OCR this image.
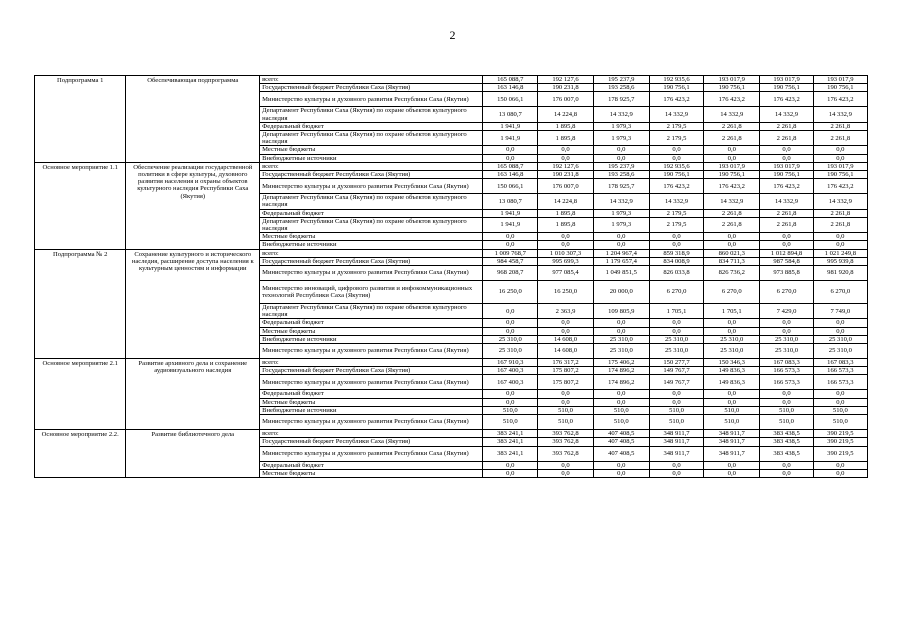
2
Подпрограмма 1	Обеспечивающая подпрограмма	всего:	165 088,7	192 127,6	195 237,9	192 935,6	193 017,9	193 017,9	193 017,9
		Государственный бюджет Республики Саха (Якутия)	163 146,8	190 231,8	193 258,6	190 756,1	190 756,1	190 756,1	190 756,1
		Министерство культуры и духовного развития Республики Саха (Якутия)	150 066,1	176 007,0	178 925,7	176 423,2	176 423,2	176 423,2	176 423,2
		Департамент Республики Саха (Якутия) по охране объектов культурного наследия	13 080,7	14 224,8	14 332,9	14 332,9	14 332,9	14 332,9	14 332,9
		Федеральный бюджет	1 941,9	1 895,8	1 979,3	2 179,5	2 261,8	2 261,8	2 261,8
		Департамент Республики Саха (Якутия) по охране объектов культурного наследия	1 941,9	1 895,8	1 979,3	2 179,5	2 261,8	2 261,8	2 261,8
		Местные бюджеты	0,0	0,0	0,0	0,0	0,0	0,0	0,0
		Внебюджетные источники	0,0	0,0	0,0	0,0	0,0	0,0	0,0
Основное мероприятие 1.1	Обеспечение реализации государственной политики в сфере культуры, духовного развития населения и охраны объектов культурного наследия Республики Саха (Якутия)	всего:	165 088,7	192 127,6	195 237,9	192 935,6	193 017,9	193 017,9	193 017,9
		Государственный бюджет Республики Саха (Якутия)	163 146,8	190 231,8	193 258,6	190 756,1	190 756,1	190 756,1	190 756,1
		Министерство культуры и духовного развития Республики Саха (Якутия)	150 066,1	176 007,0	178 925,7	176 423,2	176 423,2	176 423,2	176 423,2
		Департамент Республики Саха (Якутия) по охране объектов культурного наследия	13 080,7	14 224,8	14 332,9	14 332,9	14 332,9	14 332,9	14 332,9
		Федеральный бюджет	1 941,9	1 895,8	1 979,3	2 179,5	2 261,8	2 261,8	2 261,8
		Департамент Республики Саха (Якутия) по охране объектов культурного наследия	1 941,9	1 895,8	1 979,3	2 179,5	2 261,8	2 261,8	2 261,8
		Местные бюджеты	0,0	0,0	0,0	0,0	0,0	0,0	0,0
		Внебюджетные источники	0,0	0,0	0,0	0,0	0,0	0,0	0,0
Подпрограмма № 2	Сохранение культурного и исторического наследия, расширение доступа населения к культурным ценностям и информации	всего:	1 009 768,7	1 010 307,3	1 204 967,4	859 318,9	860 021,3	1 012 894,8	1 021 249,8
		Государственный бюджет Республики Саха (Якутия)	984 458,7	995 699,3	1 179 657,4	834 008,9	834 711,3	987 584,8	995 939,8
		Министерство культуры и духовного развития Республики Саха (Якутия)	968 208,7	977 085,4	1 049 851,5	826 033,8	826 736,2	973 885,8	981 920,8
		Министерство инноваций, цифрового развития и инфокоммуникационных технологий Республики Саха (Якутия)	16 250,0	16 250,0	20 000,0	6 270,0	6 270,0	6 270,0	6 270,0
		Департамент Республики Саха (Якутия) по охране объектов культурного наследия	0,0	2 363,9	109 805,9	1 705,1	1 705,1	7 429,0	7 749,0
		Федеральный бюджет	0,0	0,0	0,0	0,0	0,0	0,0	0,0
		Местные бюджеты	0,0	0,0	0,0	0,0	0,0	0,0	0,0
		Внебюджетные источники	25 310,0	14 608,0	25 310,0	25 310,0	25 310,0	25 310,0	25 310,0
		Министерство культуры и духовного развития Республики Саха (Якутия)	25 310,0	14 608,0	25 310,0	25 310,0	25 310,0	25 310,0	25 310,0
Основное мероприятие 2.1	Развитие архивного дела и сохранение аудиовизуального наследия	всего:	167 910,3	176 317,2	175 406,2	150 277,7	150 346,3	167 083,3	167 083,3
		Государственный бюджет Республики Саха (Якутия)	167 400,3	175 807,2	174 896,2	149 767,7	149 836,3	166 573,3	166 573,3
		Министерство культуры и духовного развития Республики Саха (Якутия)	167 400,3	175 807,2	174 896,2	149 767,7	149 836,3	166 573,3	166 573,3
		Федеральный бюджет	0,0	0,0	0,0	0,0	0,0	0,0	0,0
		Местные бюджеты	0,0	0,0	0,0	0,0	0,0	0,0	0,0
		Внебюджетные источники	510,0	510,0	510,0	510,0	510,0	510,0	510,0
		Министерство культуры и духовного развития Республики Саха (Якутия)	510,0	510,0	510,0	510,0	510,0	510,0	510,0
Основное мероприятие 2.2.	Развитие библиотечного дела	всего:	383 241,1	393 762,8	407 408,5	348 911,7	348 911,7	383 438,5	390 219,5
		Государственный бюджет Республики Саха (Якутия)	383 241,1	393 762,8	407 408,5	348 911,7	348 911,7	383 438,5	390 219,5
		Министерство культуры и духовного развития Республики Саха (Якутия)	383 241,1	393 762,8	407 408,5	348 911,7	348 911,7	383 438,5	390 219,5
		Федеральный бюджет	0,0	0,0	0,0	0,0	0,0	0,0	0,0
		Местные бюджеты	0,0	0,0	0,0	0,0	0,0	0,0	0,0
